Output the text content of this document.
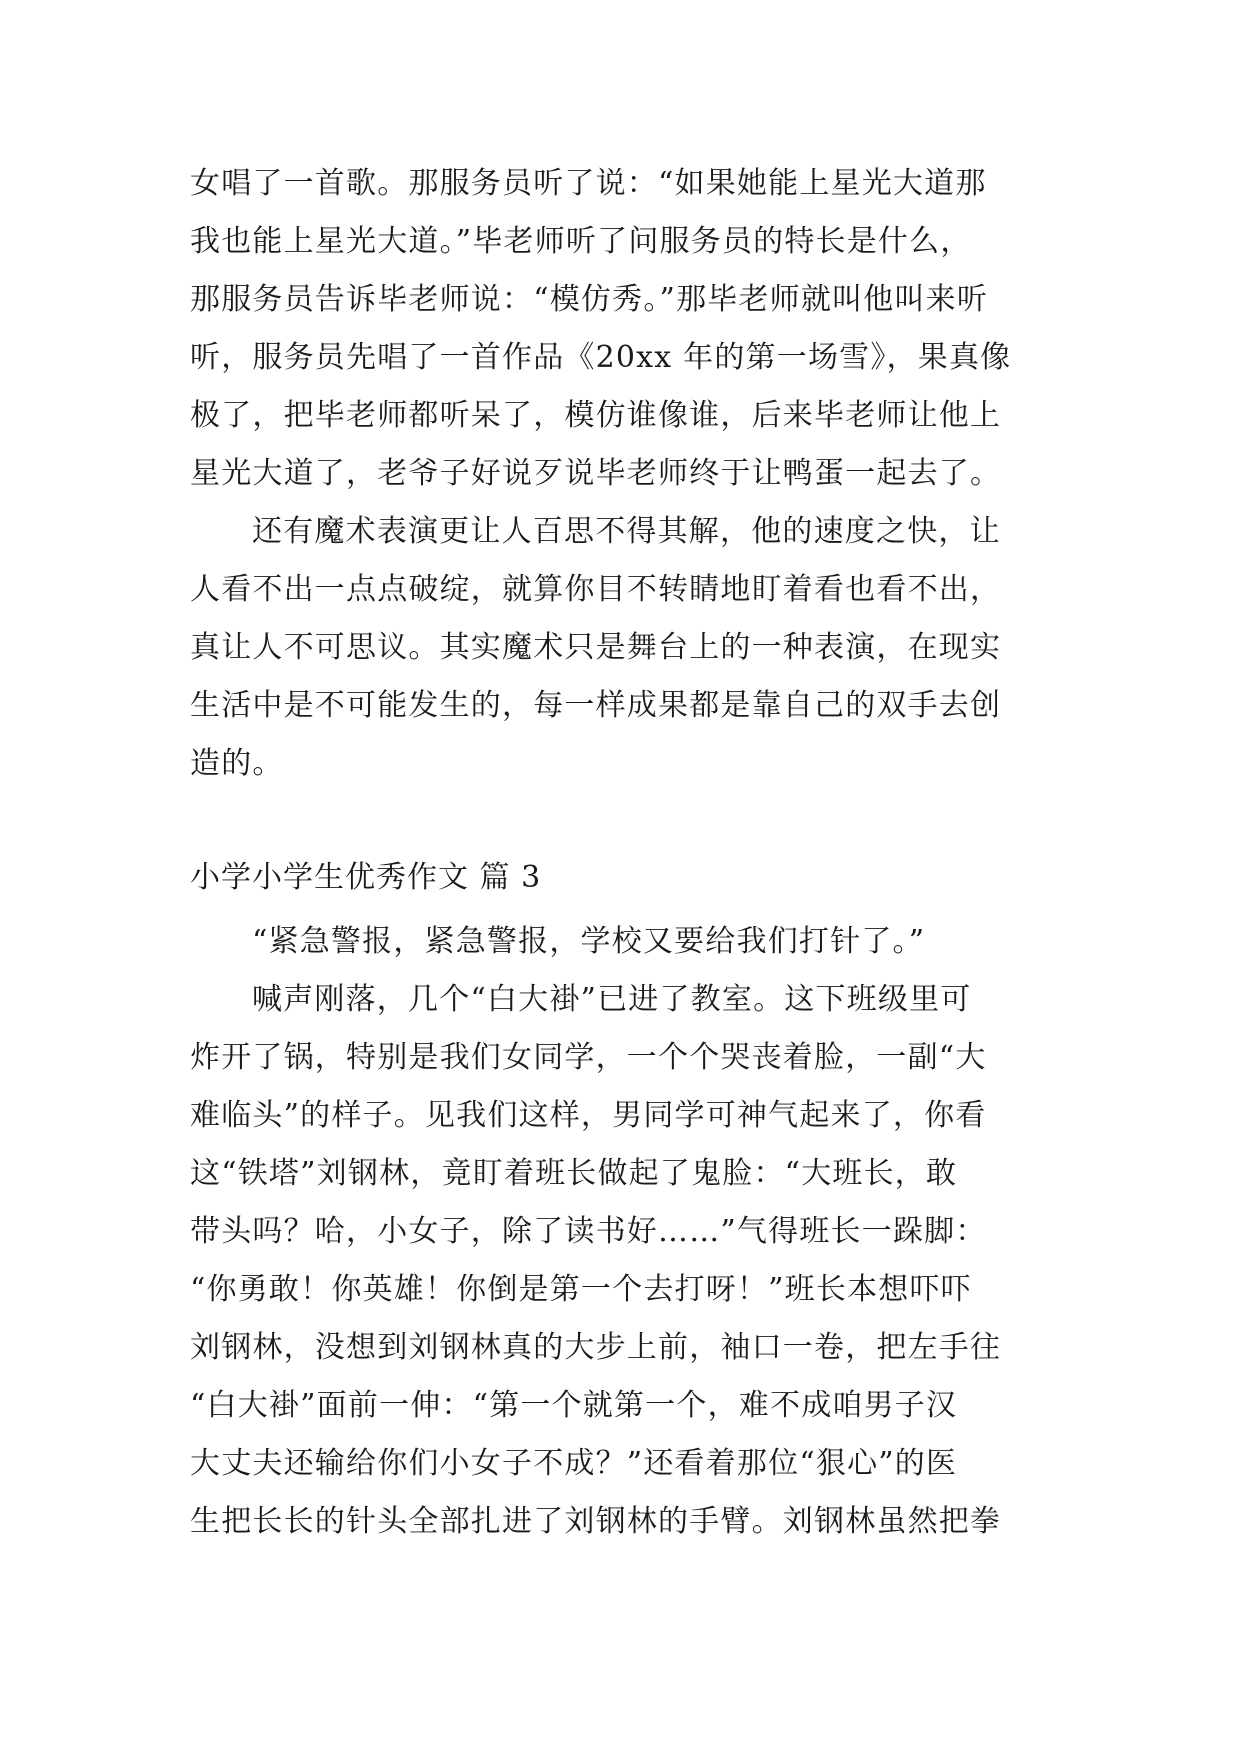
女唱了一首歌。那服务员听了说：“如果她能上星光大道那
我也能上星光大道。”毕老师听了问服务员的特长是什么，
那服务员告诉毕老师说：“模仿秀。”那毕老师就叫他叫来听
听，服务员先唱了一首作品《20xx 年的第一场雪》，果真像
极了，把毕老师都听呆了，模仿谁像谁，后来毕老师让他上
星光大道了，老爷子好说歹说毕老师终于让鸭蛋一起去了。
还有魔术表演更让人百思不得其解，他的速度之快，让
人看不出一点点破绽，就算你目不转睛地盯着看也看不出，
真让人不可思议。其实魔术只是舞台上的一种表演，在现实
生活中是不可能发生的，每一样成果都是靠自己的双手去创
造的。
小学小学生优秀作文 篇 3
“紧急警报，紧急警报，学校又要给我们打针了。”
喊声刚落，几个“白大褂”已进了教室。这下班级里可
炸开了锅，特别是我们女同学，一个个哭丧着脸，一副“大
难临头”的样子。见我们这样，男同学可神气起来了，你看
这“铁塔”刘钢林，竟盯着班长做起了鬼脸：“大班长，敢
带头吗？哈，小女子，除了读书好……”气得班长一跺脚：
“你勇敢！你英雄！你倒是第一个去打呀！”班长本想吓吓
刘钢林，没想到刘钢林真的大步上前，袖口一卷，把左手往
“白大褂”面前一伸：“第一个就第一个，难不成咱男子汉
大丈夫还输给你们小女子不成？”还看着那位“狠心”的医
生把长长的针头全部扎进了刘钢林的手臂。刘钢林虽然把拳
